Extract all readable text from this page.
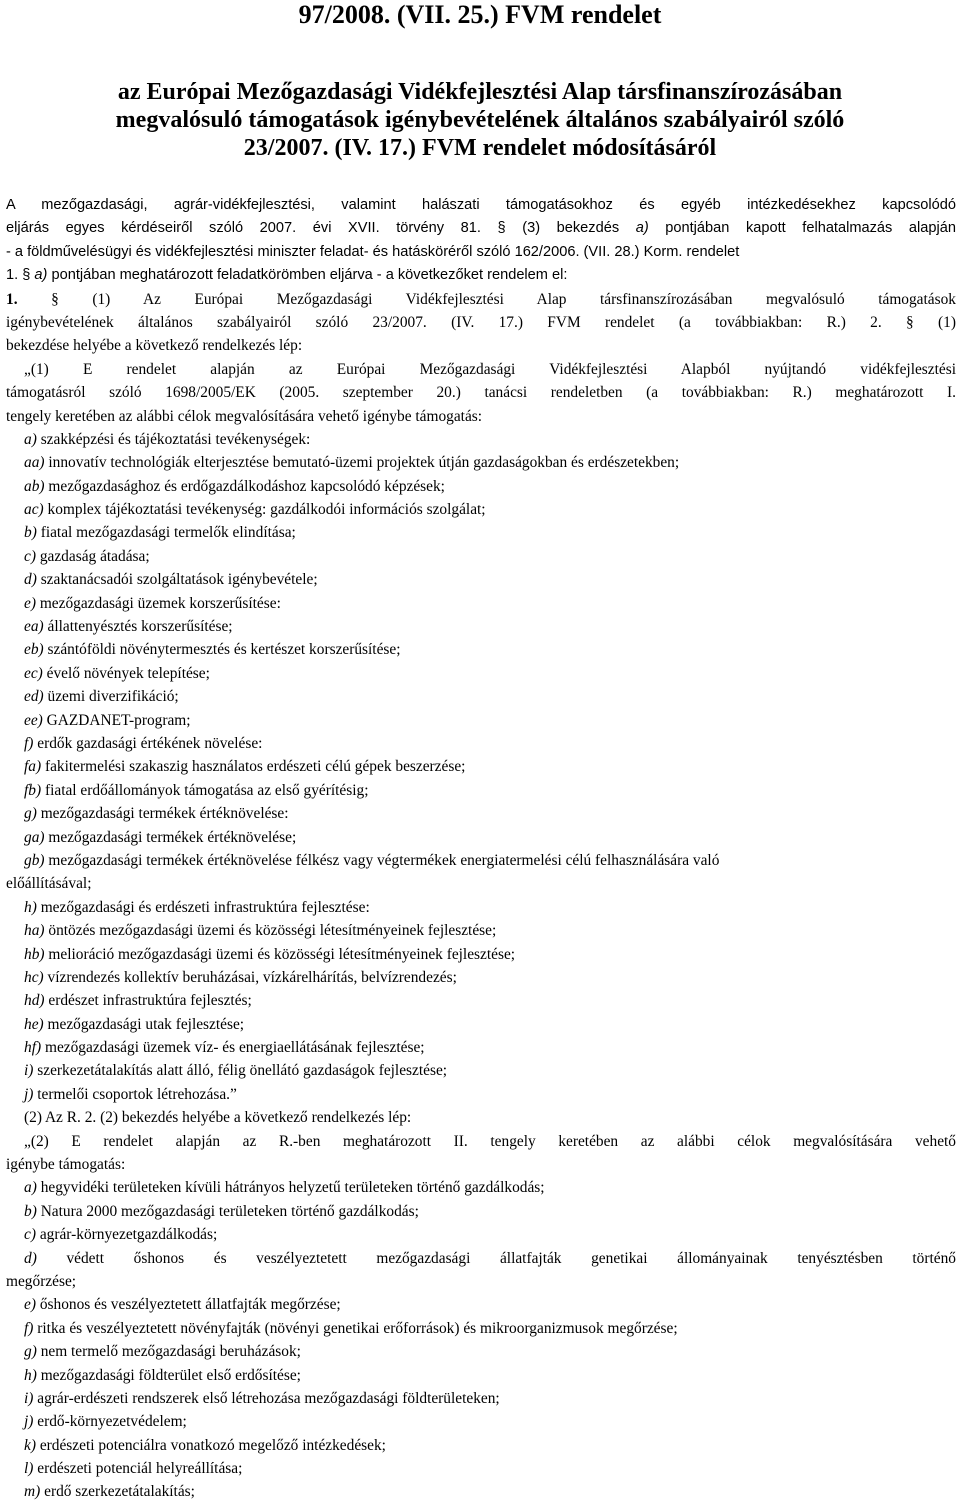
97/2008. (VII. 25.) FVM rendelet
az Európai Mezőgazdasági Vidékfejlesztési Alap társfinanszírozásában
megvalósuló támogatások igénybevételének általános szabályairól szóló
23/2007. (IV. 17.) FVM rendelet módosításáról
A mezőgazdasági, agrár-vidékfejlesztési, valamint halászati támogatásokhoz és egyéb intézkedésekhez kapcsolódó
eljárás egyes kérdéseiről szóló 2007. évi XVII. törvény 81. § (3) bekezdés a) pontjában kapott felhatalmazás alapján
- a földművelésügyi és vidékfejlesztési miniszter feladat- és hatásköréről szóló 162/2006. (VII. 28.) Korm. rendelet
1. § a) pontjában meghatározott feladatkörömben eljárva - a következőket rendelem el:
1. § (1) Az Európai Mezőgazdasági Vidékfejlesztési Alap társfinanszírozásában megvalósuló támogatások
igénybevételének általános szabályairól szóló 23/2007. (IV. 17.) FVM rendelet (a továbbiakban: R.) 2. § (1)
bekezdése helyébe a következő rendelkezés lép:
„(1) E rendelet alapján az Európai Mezőgazdasági Vidékfejlesztési Alapból nyújtandó vidékfejlesztési
támogatásról szóló 1698/2005/EK (2005. szeptember 20.) tanácsi rendeletben (a továbbiakban: R.) meghatározott I.
tengely keretében az alábbi célok megvalósítására vehető igénybe támogatás:
a) szakképzési és tájékoztatási tevékenységek:
aa) innovatív technológiák elterjesztése bemutató-üzemi projektek útján gazdaságokban és erdészetekben;
ab) mezőgazdasághoz és erdőgazdálkodáshoz kapcsolódó képzések;
ac) komplex tájékoztatási tevékenység: gazdálkodói információs szolgálat;
b) fiatal mezőgazdasági termelők elindítása;
c) gazdaság átadása;
d) szaktanácsadói szolgáltatások igénybevétele;
e) mezőgazdasági üzemek korszerűsítése:
ea) állattenyésztés korszerűsítése;
eb) szántóföldi növénytermesztés és kertészet korszerűsítése;
ec) évelő növények telepítése;
ed) üzemi diverzifikáció;
ee) GAZDANET-program;
f) erdők gazdasági értékének növelése:
fa) fakitermelési szakaszig használatos erdészeti célú gépek beszerzése;
fb) fiatal erdőállományok támogatása az első gyérítésig;
g) mezőgazdasági termékek értéknövelése:
ga) mezőgazdasági termékek értéknövelése;
gb) mezőgazdasági termékek értéknövelése félkész vagy végtermékek energiatermelési célú felhasználására való
előállításával;
h) mezőgazdasági és erdészeti infrastruktúra fejlesztése:
ha) öntözés mezőgazdasági üzemi és közösségi létesítményeinek fejlesztése;
hb) melioráció mezőgazdasági üzemi és közösségi létesítményeinek fejlesztése;
hc) vízrendezés kollektív beruházásai, vízkárelhárítás, belvízrendezés;
hd) erdészet infrastruktúra fejlesztés;
he) mezőgazdasági utak fejlesztése;
hf) mezőgazdasági üzemek víz- és energiaellátásának fejlesztése;
i) szerkezetátalakítás alatt álló, félig önellátó gazdaságok fejlesztése;
j) termelői csoportok létrehozása.”
(2) Az R. 2. (2) bekezdés helyébe a következő rendelkezés lép:
„(2) E rendelet alapján az R.-ben meghatározott II. tengely keretében az alábbi célok megvalósítására vehető
igénybe támogatás:
a) hegyvidéki területeken kívüli hátrányos helyzetű területeken történő gazdálkodás;
b) Natura 2000 mezőgazdasági területeken történő gazdálkodás;
c) agrár-környezetgazdálkodás;
d) védett őshonos és veszélyeztetett mezőgazdasági állatfajták genetikai állományainak tenyésztésben történő
megőrzése;
e) őshonos és veszélyeztetett állatfajták megőrzése;
f) ritka és veszélyeztetett növényfajták (növényi genetikai erőforrások) és mikroorganizmusok megőrzése;
g) nem termelő mezőgazdasági beruházások;
h) mezőgazdasági földterület első erdősítése;
i) agrár-erdészeti rendszerek első létrehozása mezőgazdasági földterületeken;
j) erdő-környezetvédelem;
k) erdészeti potenciálra vonatkozó megelőző intézkedések;
l) erdészeti potenciál helyreállítása;
m) erdő szerkezetátalakítás;
